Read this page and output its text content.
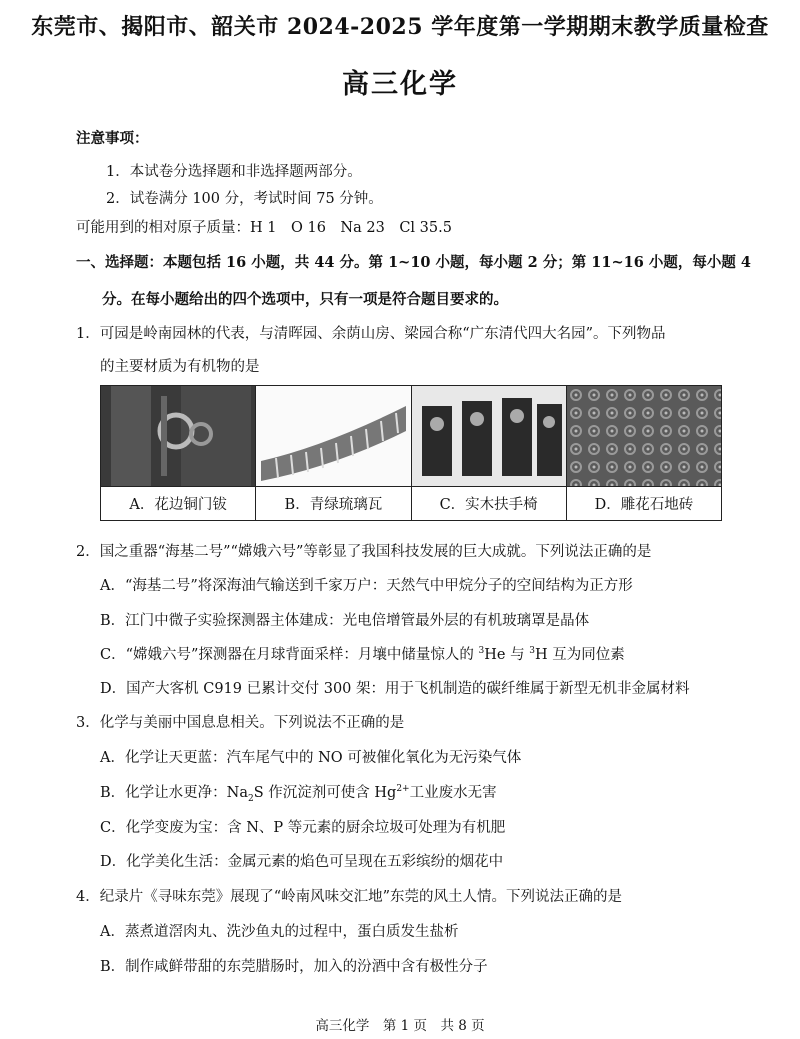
东莞市、揭阳市、韶关市 2024-2025 学年度第一学期期末教学质量检查
高三化学
注意事项：
1．本试卷分选择题和非选择题两部分。
2．试卷满分 100 分，考试时间 75 分钟。
可能用到的相对原子质量：H 1　O 16　Na 23　Cl 35.5
一、选择题：本题包括 16 小题，共 44 分。第 1~10 小题，每小题 2 分；第 11~16 小题，每小题 4
分。在每小题给出的四个选项中，只有一项是符合题目要求的。
1．可园是岭南园林的代表，与清晖园、余荫山房、梁园合称“广东清代四大名园”。下列物品
的主要材质为有机物的是
A．花边铜门钹	B．青绿琉璃瓦	C．实木扶手椅	D．雕花石地砖
2．国之重器“海基二号”“嫦娥六号”等彰显了我国科技发展的巨大成就。下列说法正确的是
A．“海基二号”将深海油气输送到千家万户：天然气中甲烷分子的空间结构为正方形
B．江门中微子实验探测器主体建成：光电倍增管最外层的有机玻璃罩是晶体
C．“嫦娥六号”探测器在月球背面采样：月壤中储量惊人的 $^3$He 与 $^3$H 互为同位素
D．国产大客机 C919 已累计交付 300 架：用于飞机制造的碳纤维属于新型无机非金属材料
3．化学与美丽中国息息相关。下列说法不正确的是
A．化学让天更蓝：汽车尾气中的 NO 可被催化氧化为无污染气体
B．化学让水更净：$Na_2S$ 作沉淀剂可使含 $Hg^{2+}$工业废水无害
C．化学变废为宝：含 N、P 等元素的厨余垃圾可处理为有机肥
D．化学美化生活：金属元素的焰色可呈现在五彩缤纷的烟花中
4．纪录片《寻味东莞》展现了“岭南风味交汇地”东莞的风土人情。下列说法正确的是
A．蒸煮道滘肉丸、洗沙鱼丸的过程中，蛋白质发生盐析
B．制作咸鲜带甜的东莞腊肠时，加入的汾酒中含有极性分子
高三化学　第 1 页　共 8 页
